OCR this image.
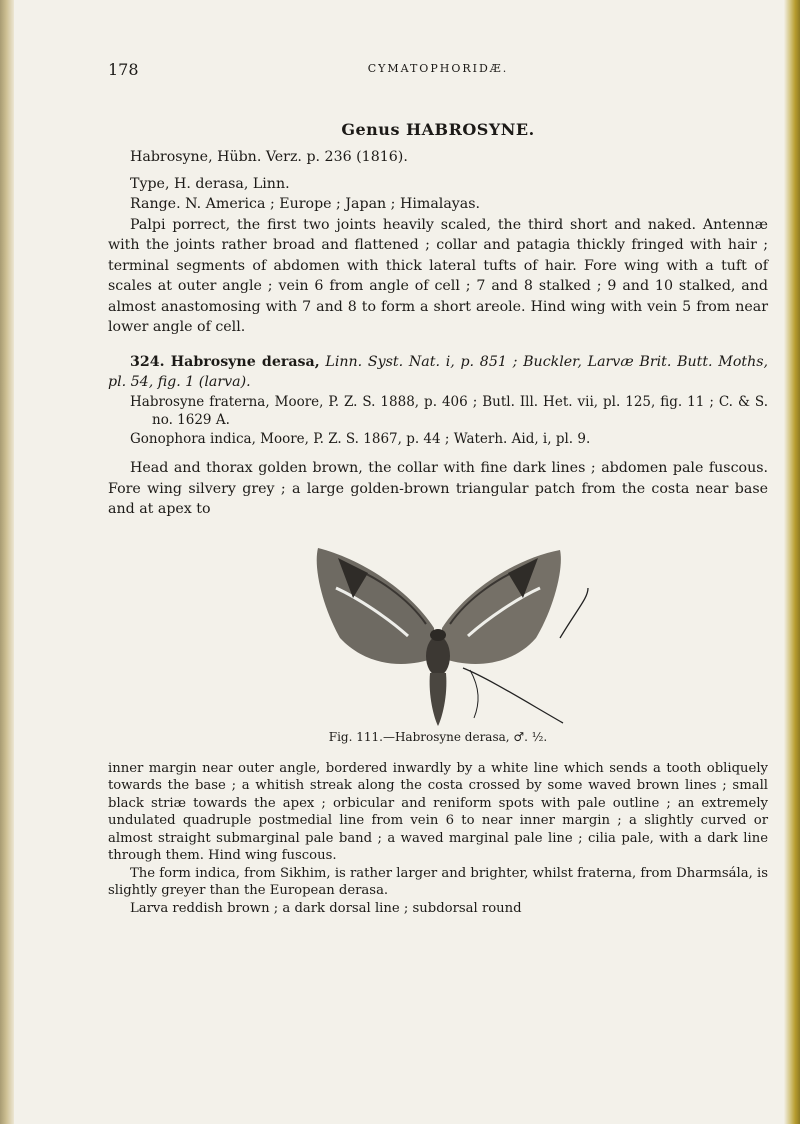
178	CYMATOPHORIDÆ.
Genus HABROSYNE.

Habrosyne, Hübn. Verz. p. 236 (1816).

Type, H. derasa, Linn.

Range. N. America ; Europe ; Japan ; Himalayas.

Palpi porrect, the first two joints heavily scaled, the third short and naked. Antennæ with the joints rather broad and flattened ; collar and patagia thickly fringed with hair ; terminal segments of abdomen with thick lateral tufts of hair. Fore wing with a tuft of scales at outer angle ; vein 6 from angle of cell ; 7 and 8 stalked ; 9 and 10 stalked, and almost anastomosing with 7 and 8 to form a short areole. Hind wing with vein 5 from near lower angle of cell.

324. Habrosyne derasa, Linn. Syst. Nat. i, p. 851 ; Buckler, Larvæ Brit. Butt. Moths, pl. 54, fig. 1 (larva).

Habrosyne fraterna, Moore, P. Z. S. 1888, p. 406 ; Butl. Ill. Het. vii, pl. 125, fig. 11 ; C. & S. no. 1629 A.

Gonophora indica, Moore, P. Z. S. 1867, p. 44 ; Waterh. Aid, i, pl. 9.

Head and thorax golden brown, the collar with fine dark lines ; abdomen pale fuscous. Fore wing silvery grey ; a large golden-brown triangular patch from the costa near base and at apex to

Fig. 111.—Habrosyne derasa, ♂. ½.

inner margin near outer angle, bordered inwardly by a white line which sends a tooth obliquely towards the base ; a whitish streak along the costa crossed by some waved brown lines ; small black striæ towards the apex ; orbicular and reniform spots with pale outline ; an extremely undulated quadruple postmedial line from vein 6 to near inner margin ; a slightly curved or almost straight submarginal pale band ; a waved marginal pale line ; cilia pale, with a dark line through them. Hind wing fuscous.

The form indica, from Sikhim, is rather larger and brighter, whilst fraterna, from Dharmsála, is slightly greyer than the European derasa.

Larva reddish brown ; a dark dorsal line ; subdorsal round
